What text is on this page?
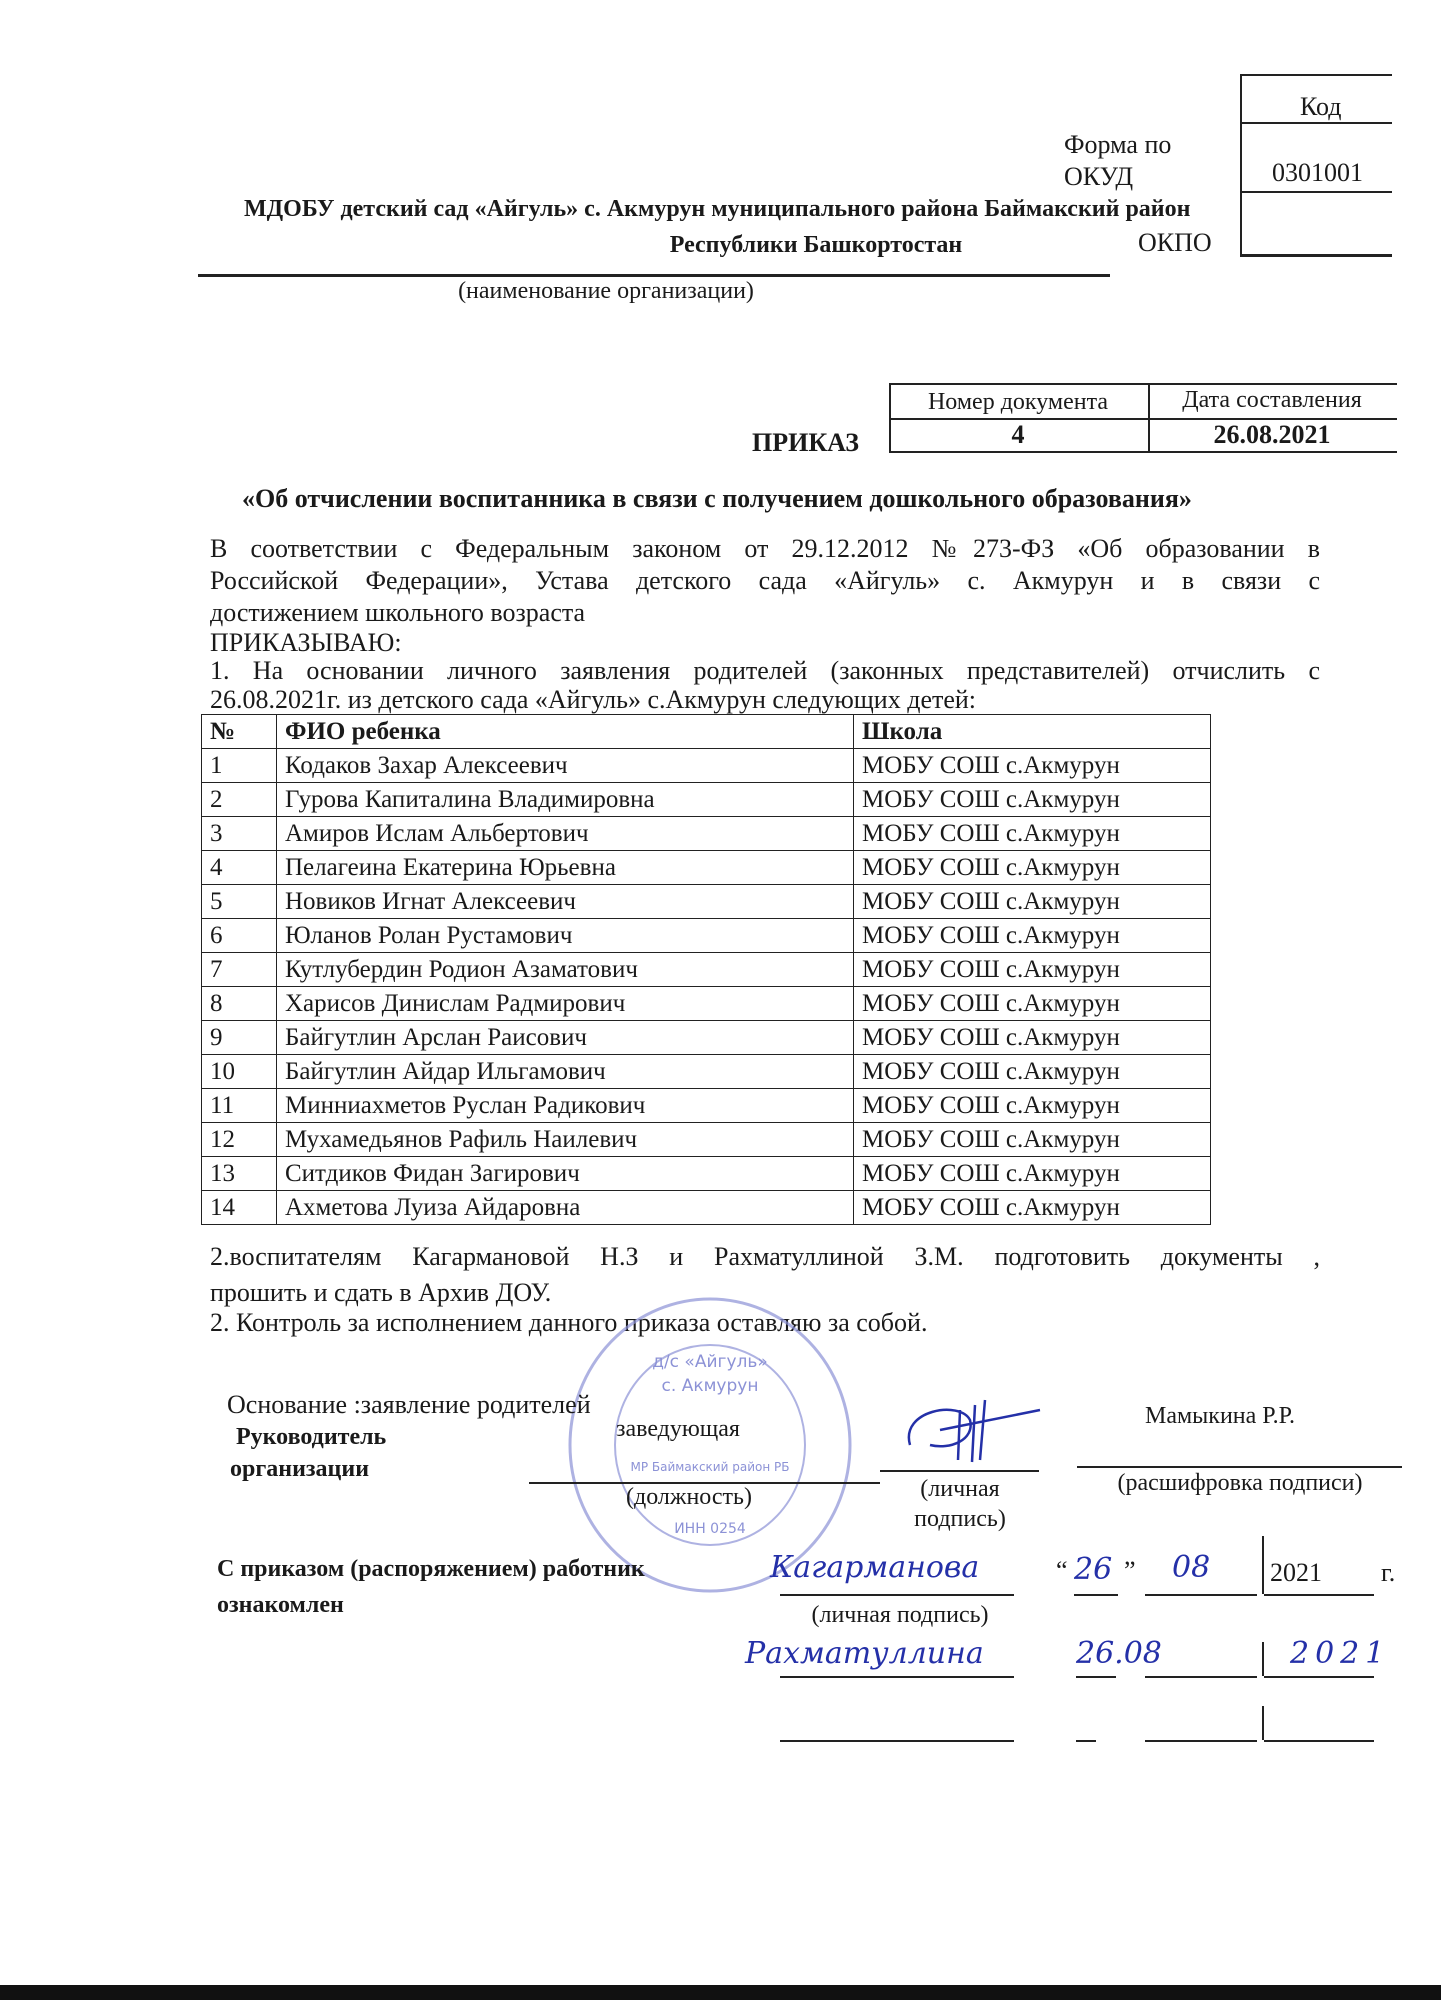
Код
Форма по
ОКУД	0301001
ОКПО
МДОБУ детский сад «Айгуль» с. Акмурун муниципального района Баймакский район
Республики Башкортостан
(наименование организации)
ПРИКАЗ
Номер документа	Дата составления
4	26.08.2021
«Об отчислении воспитанника в связи с получением дошкольного образования»
В соответствии с Федеральным законом от 29.12.2012 №273-ФЗ «Об образовании в
Российской Федерации», Устава детского сада «Айгуль» с. Акмурун и в связи с
достижением школьного возраста
ПРИКАЗЫВАЮ:
1. На основании личного заявления родителей (законных представителей) отчислить с
26.08.2021г. из детского сада «Айгуль» с.Акмурун следующих детей:
№	ФИО ребенка	Школа
1	Кодаков Захар Алексеевич	МОБУ СОШ с.Акмурун
2	Гурова Капиталина Владимировна	МОБУ СОШ с.Акмурун
3	Амиров Ислам Альбертович	МОБУ СОШ с.Акмурун
4	Пелагеина Екатерина Юрьевна	МОБУ СОШ с.Акмурун
5	Новиков Игнат Алексеевич	МОБУ СОШ с.Акмурун
6	Юланов Ролан Рустамович	МОБУ СОШ с.Акмурун
7	Кутлубердин Родион Азаматович	МОБУ СОШ с.Акмурун
8	Харисов Динислам Радмирович	МОБУ СОШ с.Акмурун
9	Байгутлин Арслан Раисович	МОБУ СОШ с.Акмурун
10	Байгутлин Айдар Ильгамович	МОБУ СОШ с.Акмурун
11	Минниахметов Руслан Радикович	МОБУ СОШ с.Акмурун
12	Мухамедьянов Рафиль Наилевич	МОБУ СОШ с.Акмурун
13	Ситдиков Фидан Загирович	МОБУ СОШ с.Акмурун
14	Ахметова Луиза Айдаровна	МОБУ СОШ с.Акмурун
2.воспитателям Кагармановой Н.З и Рахматуллиной З.М. подготовить документы ,
прошить и сдать в Архив ДОУ.
2. Контроль за исполнением данного приказа оставляю за собой.
д/с «Айгуль»
с. Акмурун
МР Баймакский район РБ
ИНН 0254
Основание :заявление родителей
Руководитель
организации
заведующая
(должность)	(личная
подпись)
Мамыкина Р.Р.
(расшифровка подписи)
С приказом (распоряжением) работник
ознакомлен
Кагарманова	“ 26 ” 08 2021 г.
(личная подпись)
Рахматуллина	26.08	2021
